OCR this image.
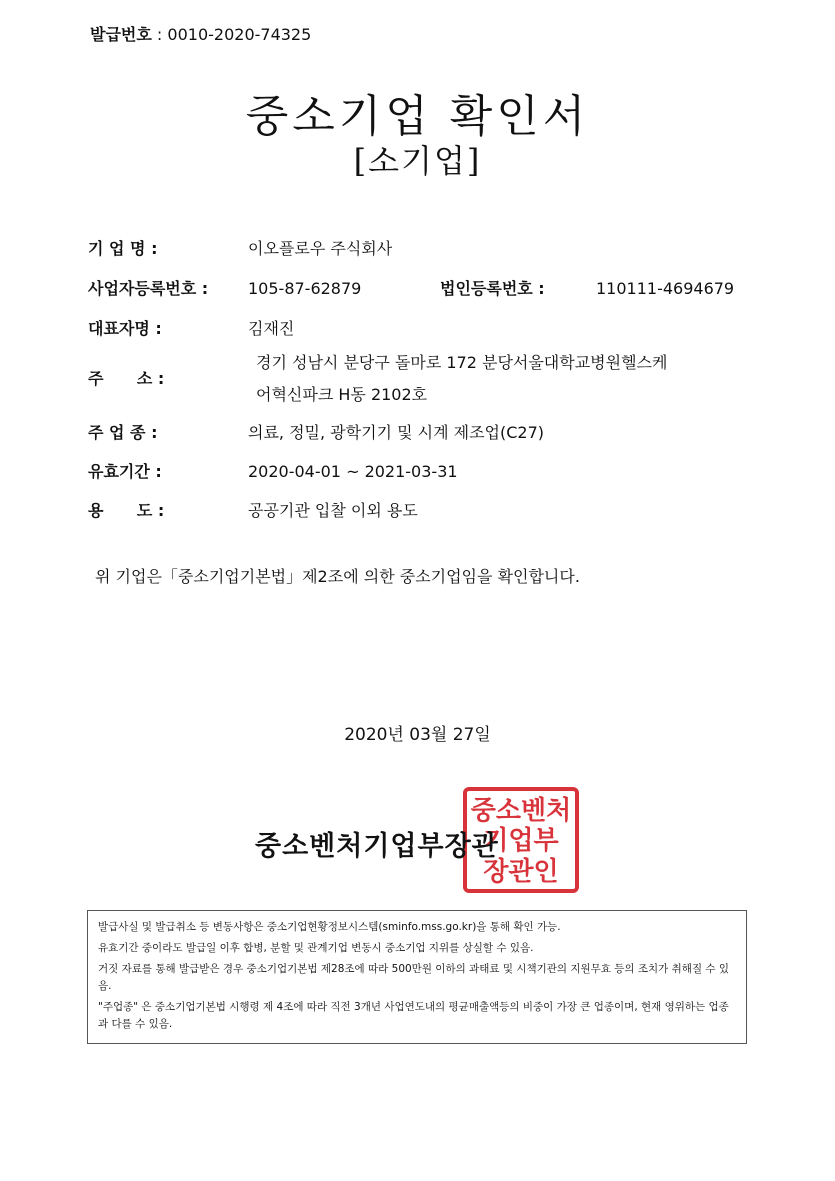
발급번호 : 0010-2020-74325
중소기업 확인서
[소기업]
기 업 명 :	이오플로우 주식회사
사업자등록번호 : 105-87-62879	법인등록번호 :	110111-4694679
대표자명 :	김재진
주      소 :
경기 성남시 분당구 돌마로 172 분당서울대학교병원헬스케
어혁신파크 H동 2102호
주 업 종 :	의료, 정밀, 광학기기 및 시계 제조업(C27)
유효기간 :	2020-04-01 ~ 2021-03-31
용      도 :	공공기관 입찰 이외 용도
위 기업은「중소기업기본법」제2조에 의한 중소기업임을 확인합니다.
2020년 03월 27일
중소벤처
기업부
장관인
중소벤처기업부장관

발급사실 및 발급취소 등 변동사항은 중소기업현황정보시스템(sminfo.mss.go.kr)을 통해 확인 가능.

유효기간 중이라도 발급일 이후 합병, 분할 및 관계기업 변동시 중소기업 지위를 상실할 수 있음.

거짓 자료를 통해 발급받은 경우 중소기업기본법 제28조에 따라 500만원 이하의 과태료 및 시책기관의 지원무효 등의 조치가 취해질 수 있음.

"주업종" 은 중소기업기본법 시행령 제 4조에 따라 직전 3개년 사업연도내의 평균매출액등의 비중이 가장 큰 업종이며, 현재 영위하는 업종과 다를 수 있음.
